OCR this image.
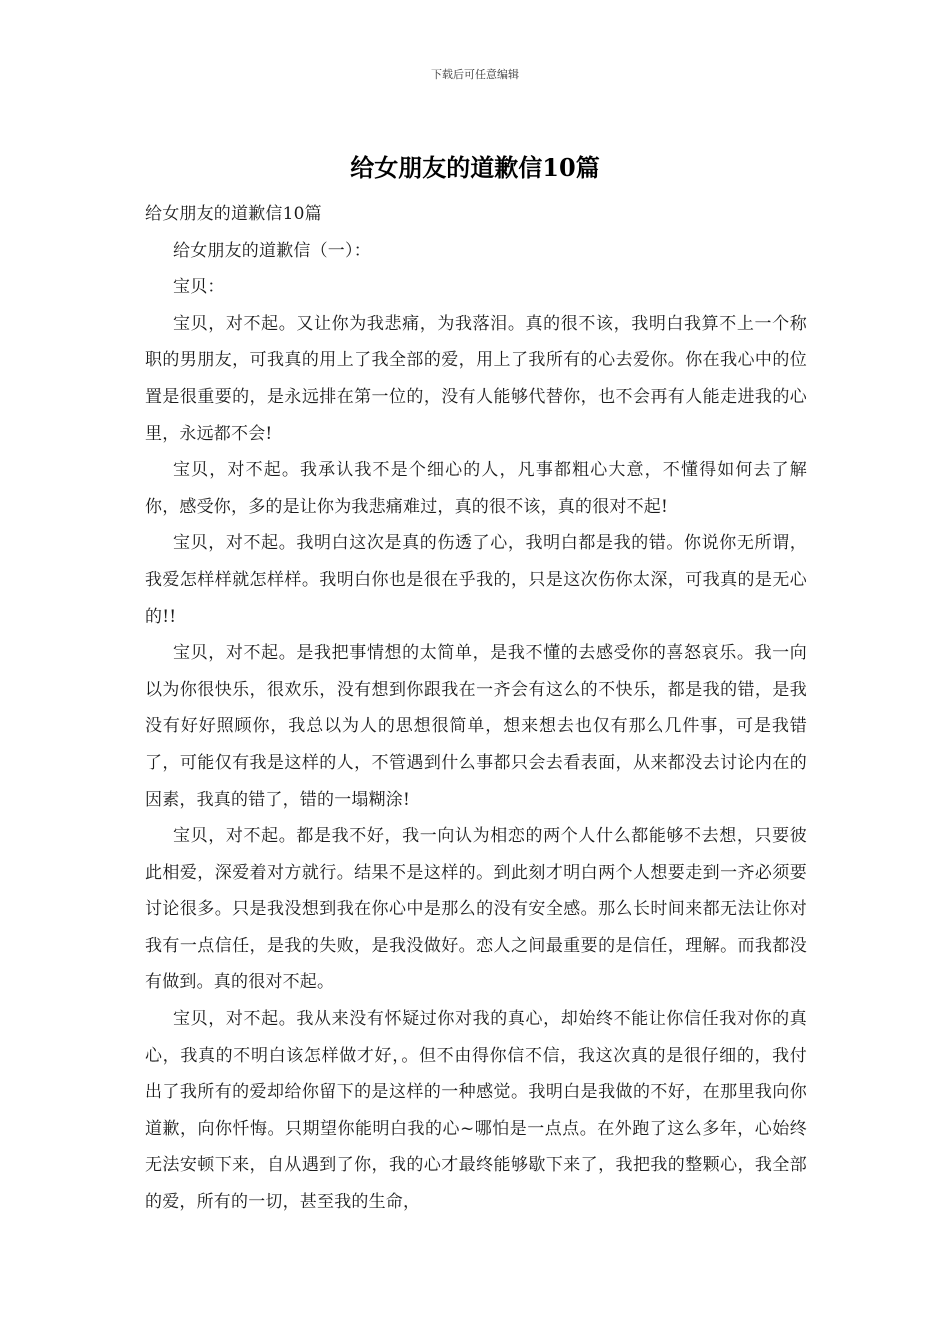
下载后可任意编辑
给女朋友的道歉信10篇

给女朋友的道歉信10篇

给女朋友的道歉信（一）：

宝贝：

宝贝，对不起。又让你为我悲痛，为我落泪。真的很不该，我明白我算不上一个称职的男朋友，可我真的用上了我全部的爱，用上了我所有的心去爱你。你在我心中的位置是很重要的，是永远排在第一位的，没有人能够代替你，也不会再有人能走进我的心里，永远都不会!

宝贝，对不起。我承认我不是个细心的人，凡事都粗心大意，不懂得如何去了解你，感受你，多的是让你为我悲痛难过，真的很不该，真的很对不起!

宝贝，对不起。我明白这次是真的伤透了心，我明白都是我的错。你说你无所谓，我爱怎样样就怎样样。我明白你也是很在乎我的，只是这次伤你太深，可我真的是无心的!!

宝贝，对不起。是我把事情想的太简单，是我不懂的去感受你的喜怒哀乐。我一向以为你很快乐，很欢乐，没有想到你跟我在一齐会有这么的不快乐，都是我的错，是我没有好好照顾你，我总以为人的思想很简单，想来想去也仅有那么几件事，可是我错了，可能仅有我是这样的人，不管遇到什么事都只会去看表面，从来都没去讨论内在的因素，我真的错了，错的一塌糊涂!

宝贝，对不起。都是我不好，我一向认为相恋的两个人什么都能够不去想，只要彼此相爱，深爱着对方就行。结果不是这样的。到此刻才明白两个人想要走到一齐必须要讨论很多。只是我没想到我在你心中是那么的没有安全感。那么长时间来都无法让你对我有一点信任，是我的失败，是我没做好。恋人之间最重要的是信任，理解。而我都没有做到。真的很对不起。

宝贝，对不起。我从来没有怀疑过你对我的真心，却始终不能让你信任我对你的真心，我真的不明白该怎样做才好，。但不由得你信不信，我这次真的是很仔细的，我付出了我所有的爱却给你留下的是这样的一种感觉。我明白是我做的不好，在那里我向你道歉，向你忏悔。只期望你能明白我的心~哪怕是一点点。在外跑了这么多年，心始终无法安顿下来，自从遇到了你，我的心才最终能够歇下来了，我把我的整颗心，我全部的爱，所有的一切，甚至我的生命，
